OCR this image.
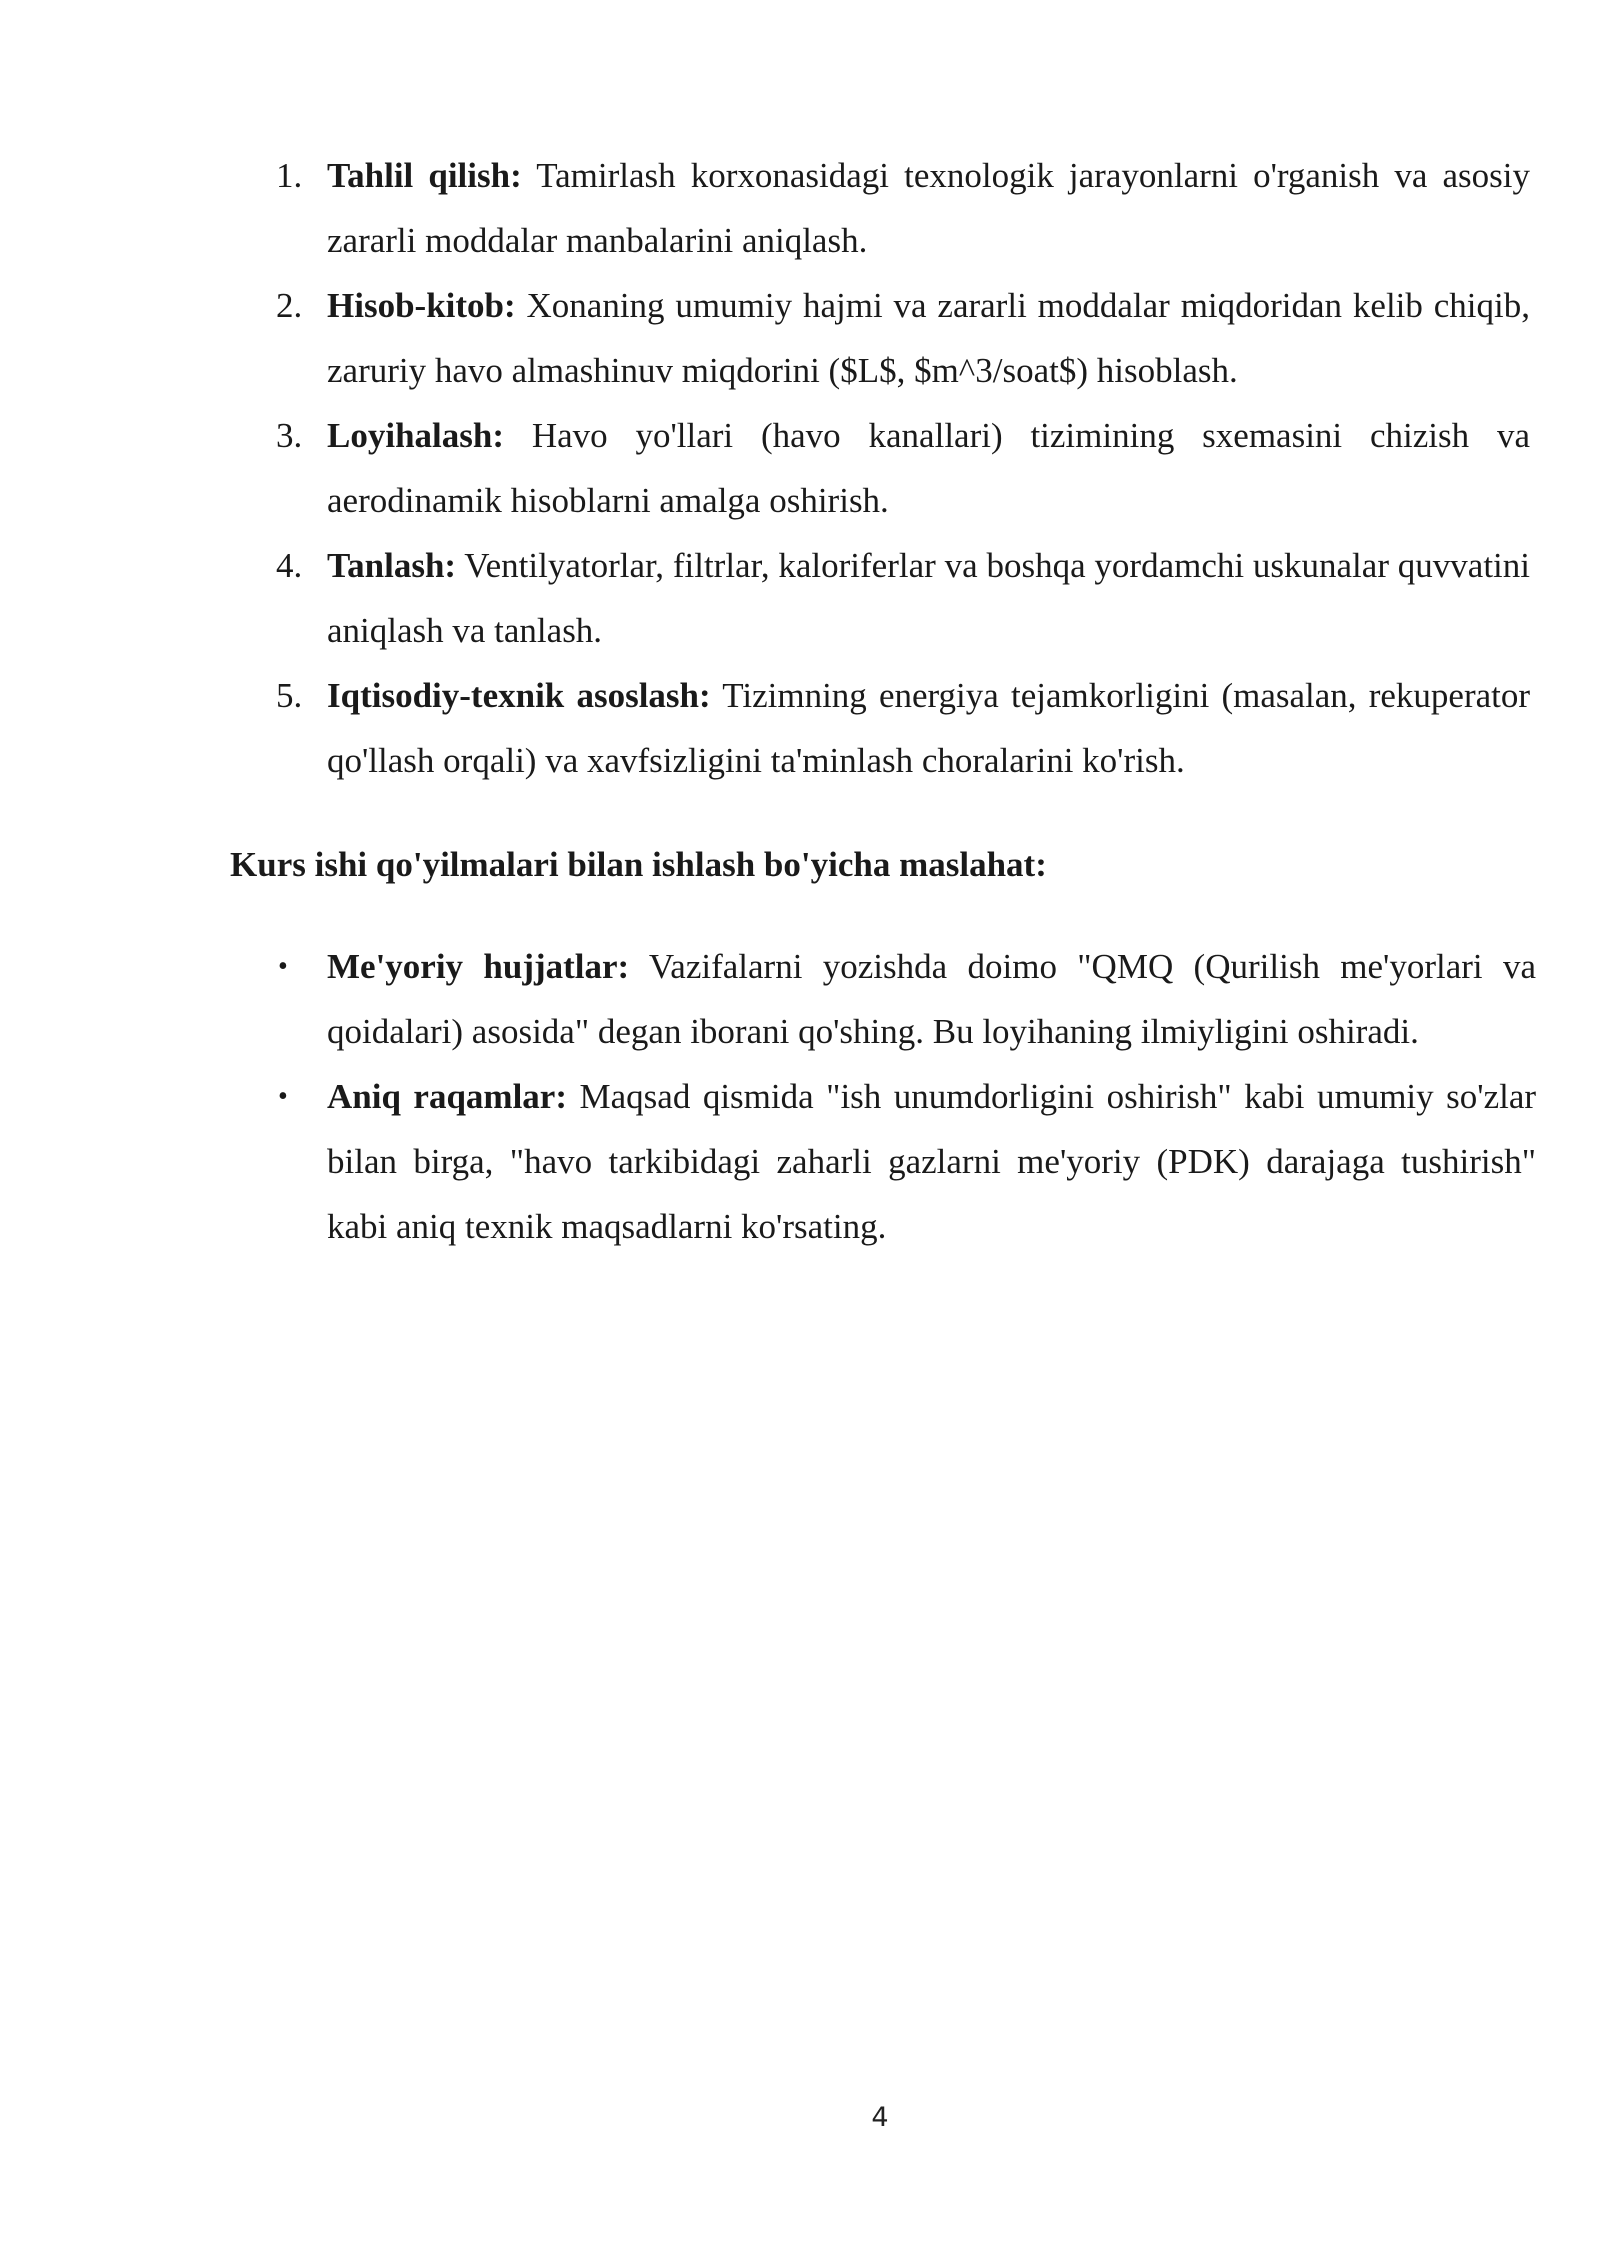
1. Tahlil qilish: Tamirlash korxonasidagi texnologik jarayonlarni o'rganish va asosiy zararli moddalar manbalarini aniqlash.
2. Hisob-kitob: Xonaning umumiy hajmi va zararli moddalar miqdoridan kelib chiqib, zaruriy havo almashinuv miqdorini ($L$, $m^3/soat$) hisoblash.
3. Loyihalash: Havo yo'llari (havo kanallari) tizimining sxemasini chizish va aerodinamik hisoblarni amalga oshirish.
4. Tanlash: Ventilyatorlar, filtrlar, kaloriferlar va boshqa yordamchi uskunalar quvvatini aniqlash va tanlash.
5. Iqtisodiy-texnik asoslash: Tizimning energiya tejamkorligini (masalan, rekuperator qo'llash orqali) va xavfsizligini ta'minlash choralarini ko'rish.

Kurs ishi qo'yilmalari bilan ishlash bo'yicha maslahat:

• Me'yoriy hujjatlar: Vazifalarni yozishda doimo "QMQ (Qurilish me'yorlari va qoidalari) asosida" degan iborani qo'shing. Bu loyihaning ilmiyligini oshiradi.
• Aniq raqamlar: Maqsad qismida "ish unumdorligini oshirish" kabi umumiy so'zlar bilan birga, "havo tarkibidagi zaharli gazlarni me'yoriy (PDK) darajaga tushirish" kabi aniq texnik maqsadlarni ko'rsating.
4
